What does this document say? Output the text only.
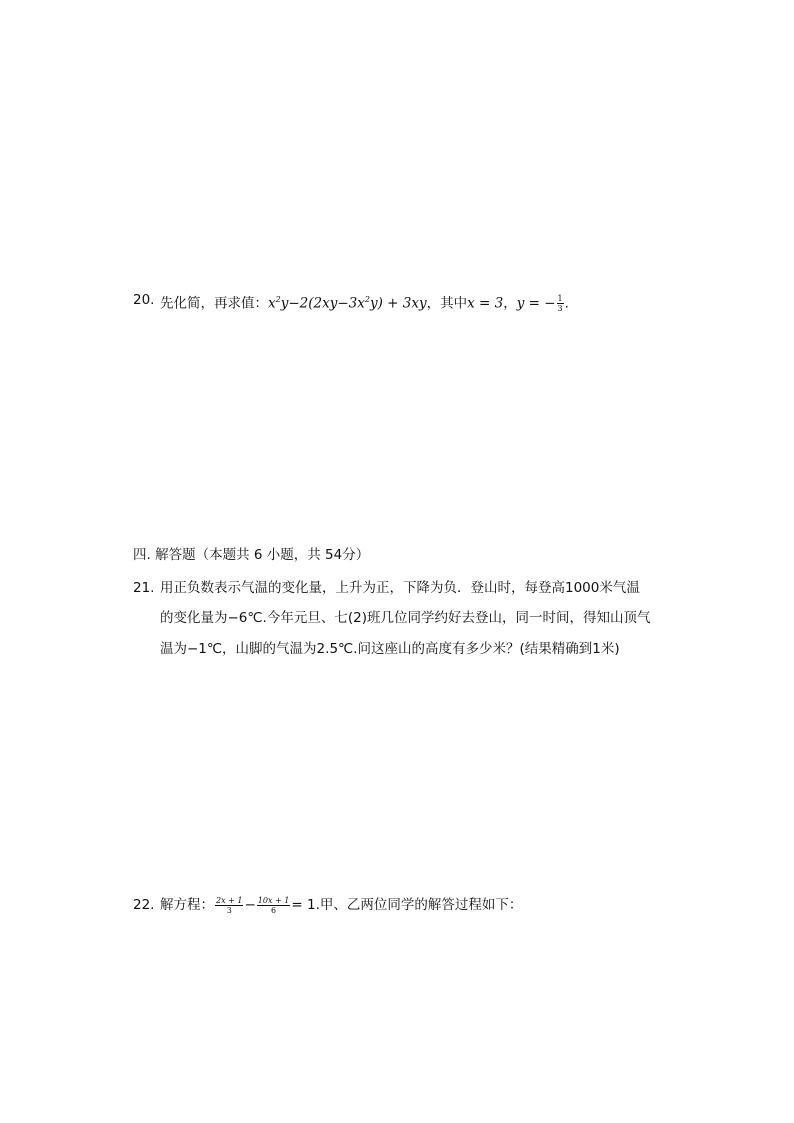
20. 先化简，再求值：$x^2y-2(2xy-3x^2y) + 3xy$，其中x = 3，y = − $\frac{1}{3}$ .
四. 解答题（本题共 6 小题，共 54分）
21. 用正负数表示气温的变化量，上升为正，下降为负．登山时，每登高1000米气温
的变化量为−6℃.今年元旦、七(2)班几位同学约好去登山，同一时间，得知山顶气
温为−1℃，山脚的气温为2.5℃.问这座山的高度有多少米？(结果精确到1米)
22. 解方程： $\frac{2x + 1}{3} - \frac{10x + 1}{6} = 1$.甲、乙两位同学的解答过程如下：
